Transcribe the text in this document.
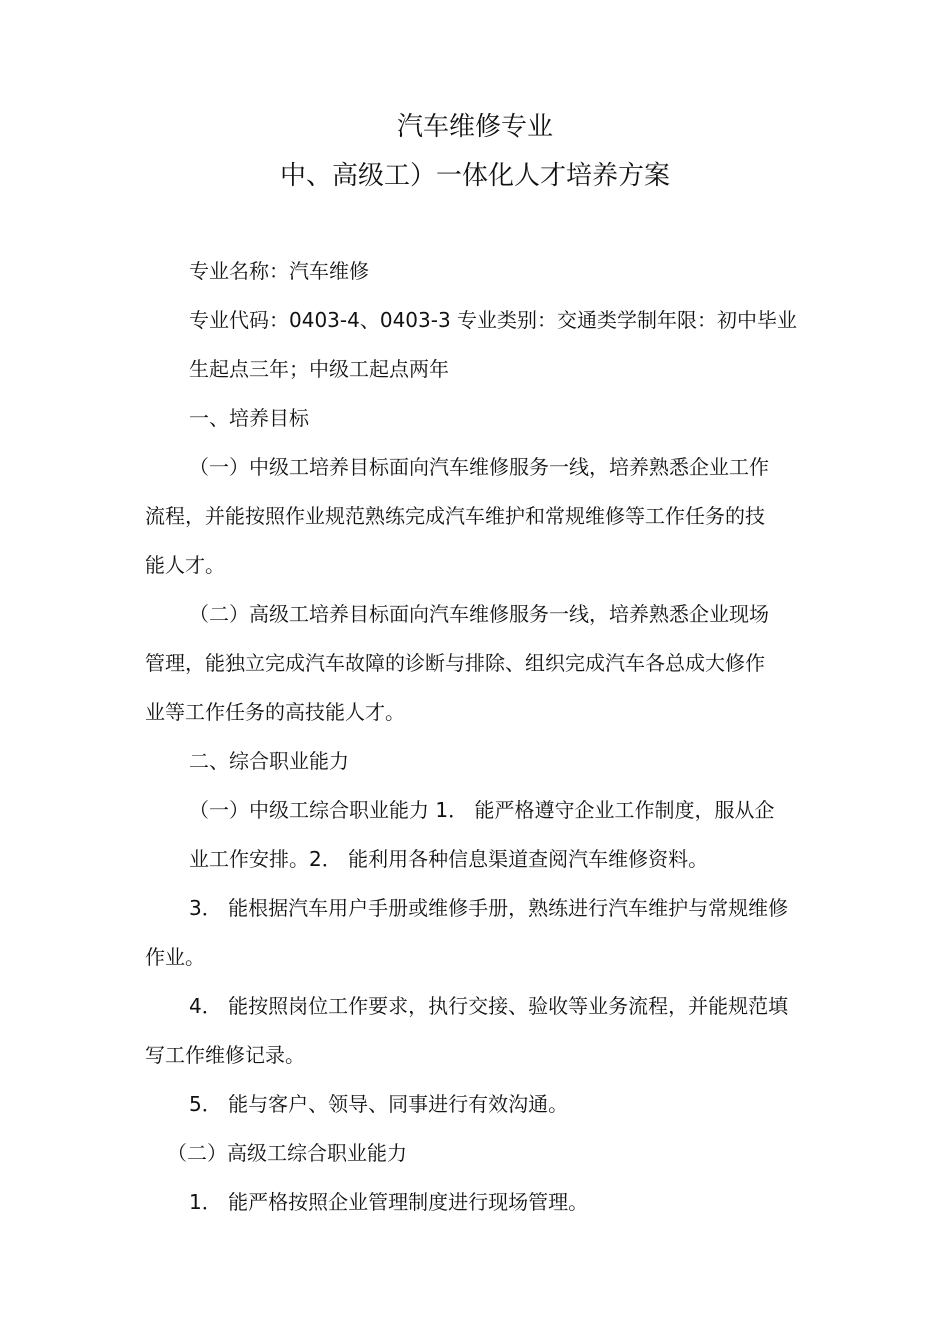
汽车维修专业
中、高级工）一体化人才培养方案
专业名称：汽车维修
专业代码：0403-4、0403-3 专业类别：交通类学制年限：初中毕业
生起点三年；中级工起点两年
一、培养目标
（一）中级工培养目标面向汽车维修服务一线，培养熟悉企业工作
流程，并能按照作业规范熟练完成汽车维护和常规维修等工作任务的技
能人才。
（二）高级工培养目标面向汽车维修服务一线，培养熟悉企业现场
管理，能独立完成汽车故障的诊断与排除、组织完成汽车各总成大修作
业等工作任务的高技能人才。
二、综合职业能力
（一）中级工综合职业能力 1． 能严格遵守企业工作制度，服从企
业工作安排。2． 能利用各种信息渠道查阅汽车维修资料。
3． 能根据汽车用户手册或维修手册，熟练进行汽车维护与常规维修
作业。
4． 能按照岗位工作要求，执行交接、验收等业务流程，并能规范填
写工作维修记录。
5． 能与客户、领导、同事进行有效沟通。
（二）高级工综合职业能力
1． 能严格按照企业管理制度进行现场管理。
